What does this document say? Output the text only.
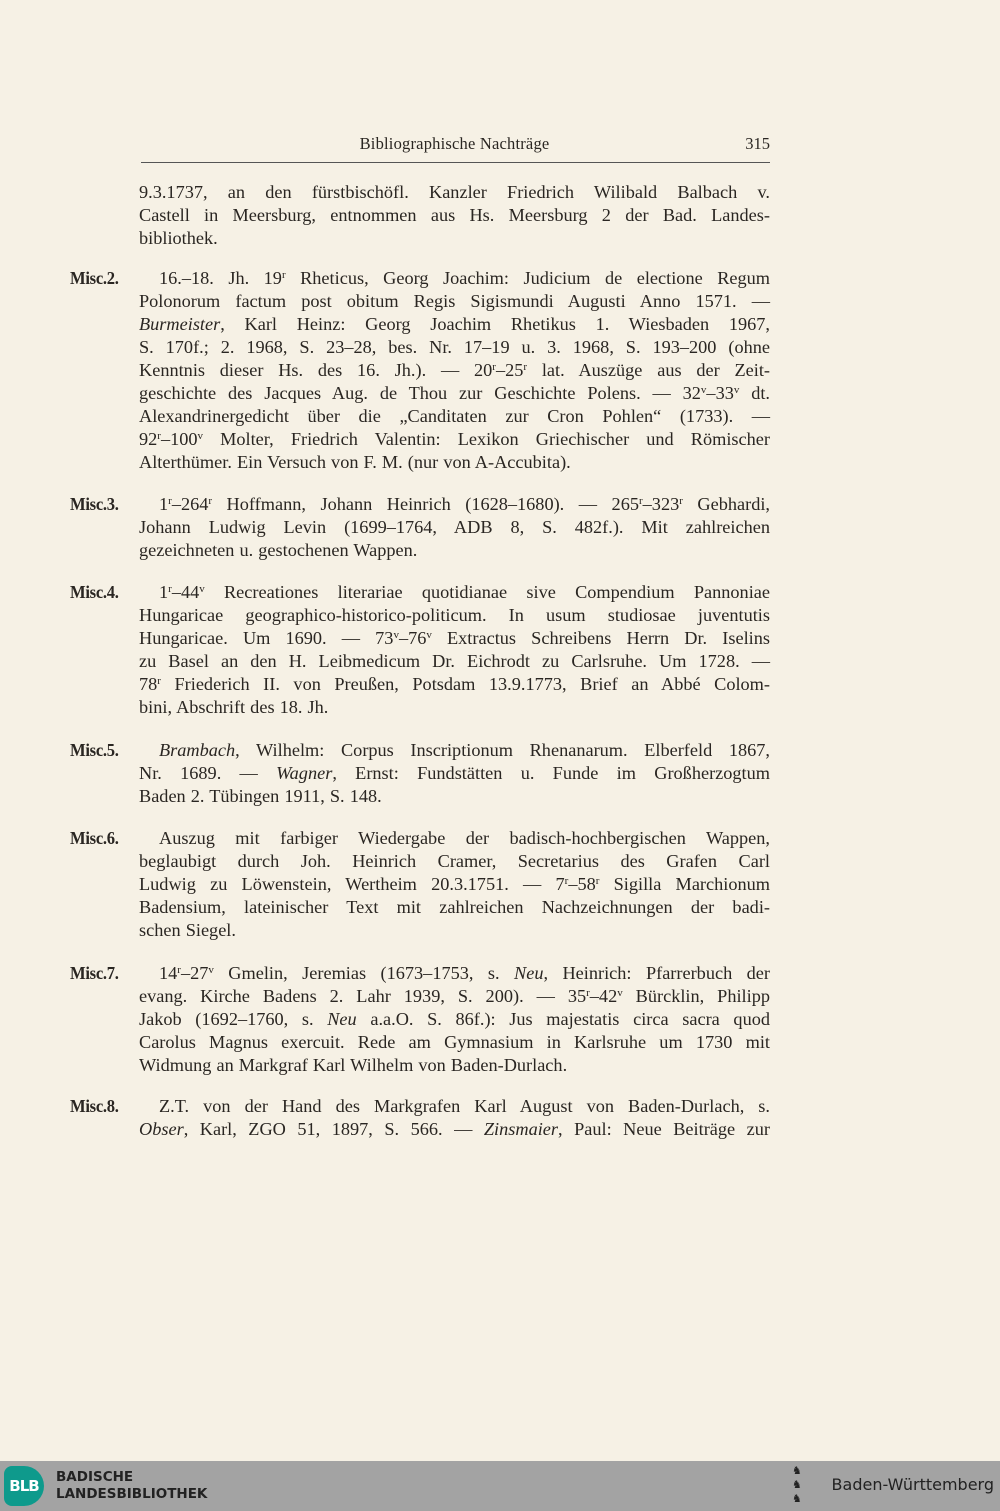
Bibliographische Nachträge	315
9.3.1737, an den fürstbischöfl. Kanzler Friedrich Wilibald Balbach v.
Castell in Meersburg, entnommen aus Hs. Meersburg 2 der Bad. Landes-
bibliothek.
Misc.2.	16.–18. Jh. 19$^r$ Rheticus, Georg Joachim: Judicium de electione Regum
Polonorum factum post obitum Regis Sigismundi Augusti Anno 1571. —
Burmeister, Karl Heinz: Georg Joachim Rhetikus 1. Wiesbaden 1967,
S. 170f.; 2. 1968, S. 23–28, bes. Nr. 17–19 u. 3. 1968, S. 193–200 (ohne
Kenntnis dieser Hs. des 16. Jh.). — 20$^r$–25$^r$ lat. Auszüge aus der Zeit-
geschichte des Jacques Aug. de Thou zur Geschichte Polens. — 32$^v$–33$^v$ dt.
Alexandrinergedicht über die „Canditaten zur Cron Pohlen“ (1733). —
92$^r$–100$^v$ Molter, Friedrich Valentin: Lexikon Griechischer und Römischer
Alterthümer. Ein Versuch von F. M. (nur von A-Accubita).
Misc.3.	1$^r$–264$^r$ Hoffmann, Johann Heinrich (1628–1680). — 265$^r$–323$^r$ Gebhardi,
Johann Ludwig Levin (1699–1764, ADB 8, S. 482f.). Mit zahlreichen
gezeichneten u. gestochenen Wappen.
Misc.4.	1$^r$–44$^v$ Recreationes literariae quotidianae sive Compendium Pannoniae
Hungaricae geographico-historico-politicum. In usum studiosae juventutis
Hungaricae. Um 1690. — 73$^v$–76$^v$ Extractus Schreibens Herrn Dr. Iselins
zu Basel an den H. Leibmedicum Dr. Eichrodt zu Carlsruhe. Um 1728. —
78$^r$ Friederich II. von Preußen, Potsdam 13.9.1773, Brief an Abbé Colom-
bini, Abschrift des 18. Jh.
Misc.5.	Brambach, Wilhelm: Corpus Inscriptionum Rhenanarum. Elberfeld 1867,
Nr. 1689. — Wagner, Ernst: Fundstätten u. Funde im Großherzogtum
Baden 2. Tübingen 1911, S. 148.
Misc.6.	Auszug mit farbiger Wiedergabe der badisch-hochbergischen Wappen,
beglaubigt durch Joh. Heinrich Cramer, Secretarius des Grafen Carl
Ludwig zu Löwenstein, Wertheim 20.3.1751. — 7$^r$–58$^r$ Sigilla Marchionum
Badensium, lateinischer Text mit zahlreichen Nachzeichnungen der badi-
schen Siegel.
Misc.7.	14$^r$–27$^v$ Gmelin, Jeremias (1673–1753, s. Neu, Heinrich: Pfarrerbuch der
evang. Kirche Badens 2. Lahr 1939, S. 200). — 35$^r$–42$^v$ Bürcklin, Philipp
Jakob (1692–1760, s. Neu a.a.O. S. 86f.): Jus majestatis circa sacra quod
Carolus Magnus exercuit. Rede am Gymnasium in Karlsruhe um 1730 mit
Widmung an Markgraf Karl Wilhelm von Baden-Durlach.
Misc.8.	Z.T. von der Hand des Markgrafen Karl August von Baden-Durlach, s.
Obser, Karl, ZGO 51, 1897, S. 566. — Zinsmaier, Paul: Neue Beiträge zur
BLB	BADISCHE
LANDESBIBLIOTHEK
♞
♞
♞
Baden-Württemberg
